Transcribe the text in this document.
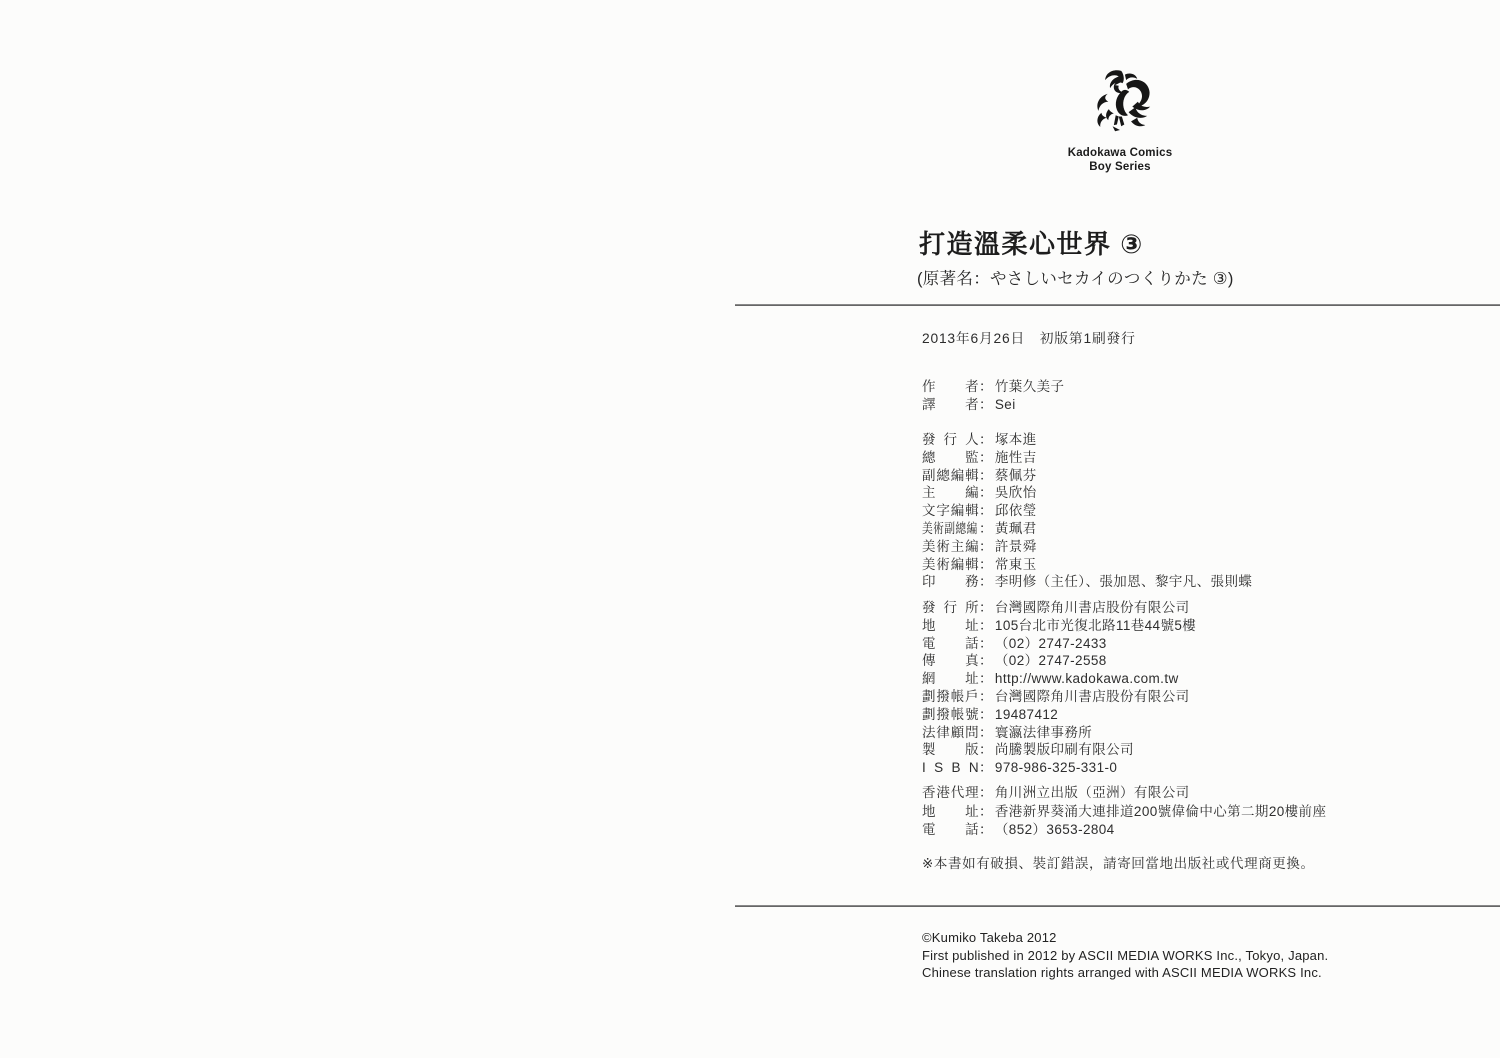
Kadokawa Comics
Boy Series
打造溫柔心世界 ③
(原著名：やさしいセカイのつくりかた ③)
2013年6月26日　初版第1刷發行
作 者 ： 竹葉久美子
譯 者 ： Sei
發 行 人 ： 塚本進
總 監 ： 施性吉
副 總 編 輯 ： 蔡佩芬
主 編 ： 吳欣怡
文 字 編 輯 ： 邱依瑩
美 術 副 總 編 ： 黃珮君
美 術 主 編 ： 許景舜
美 術 編 輯 ： 常東玉
印 務 ： 李明修（主任）、張加恩、黎宇凡、張則蝶
發 行 所 ： 台灣國際角川書店股份有限公司
地 址 ： 105台北市光復北路11巷44號5樓
電 話 ： （02）2747-2433
傳 真 ： （02）2747-2558
網 址 ： http://www.kadokawa.com.tw
劃 撥 帳 戶 ： 台灣國際角川書店股份有限公司
劃 撥 帳 號 ： 19487412
法 律 顧 問 ： 寰瀛法律事務所
製 版 ： 尚騰製版印刷有限公司
I S B N ： 978-986-325-331-0
香 港 代 理 ： 角川洲立出版（亞洲）有限公司
地 址 ： 香港新界葵涌大連排道200號偉倫中心第二期20樓前座
電 話 ： （852）3653-2804
※本書如有破損、裝訂錯誤，請寄回當地出版社或代理商更換。
©Kumiko Takeba 2012
First published in 2012 by ASCII MEDIA WORKS Inc., Tokyo, Japan.
Chinese translation rights arranged with ASCII MEDIA WORKS Inc.
